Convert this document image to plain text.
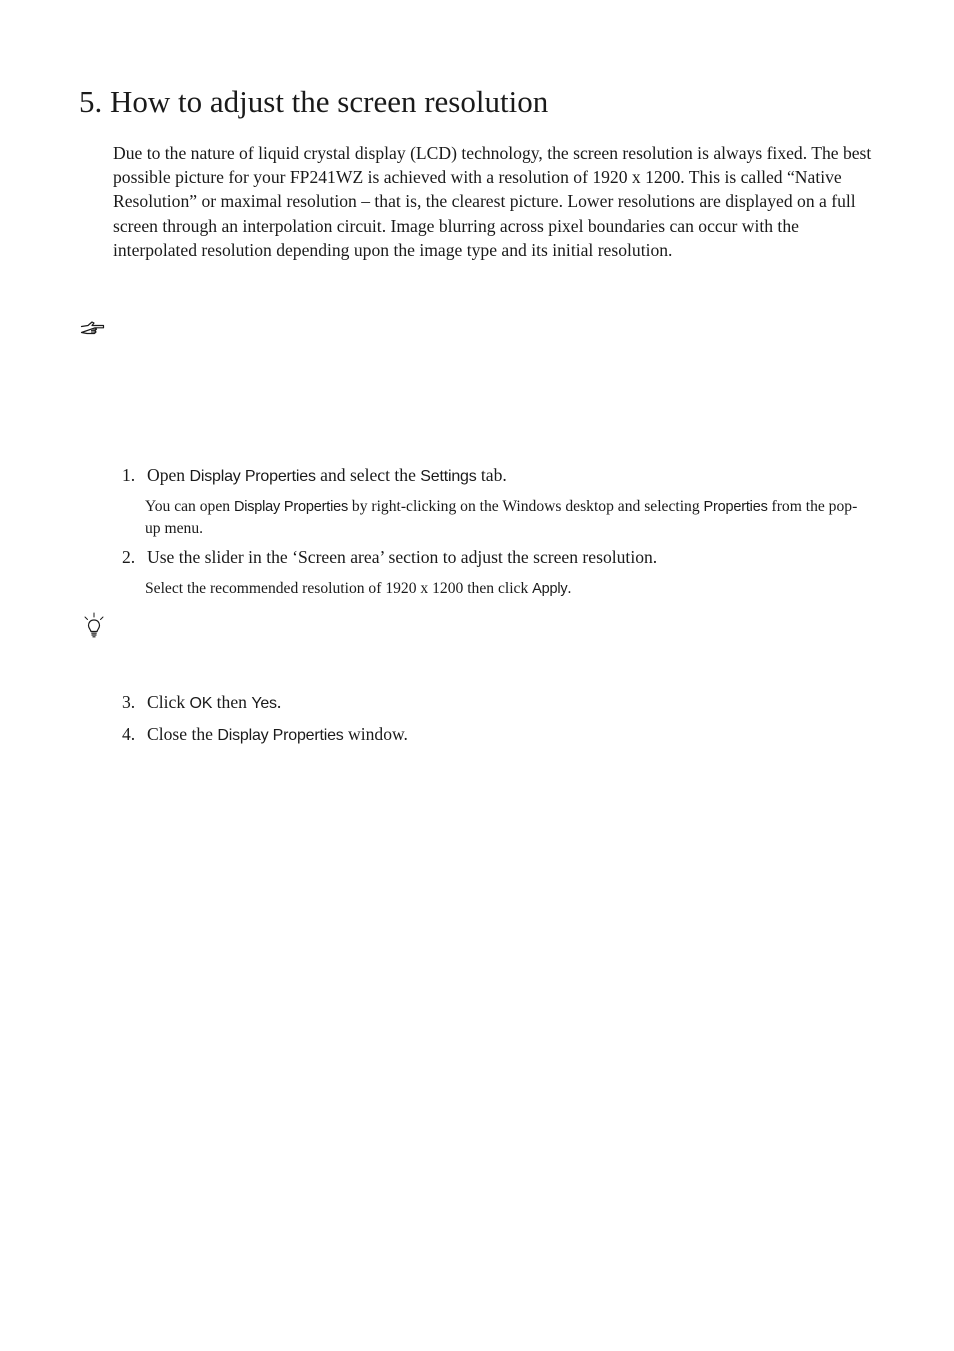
5. How to adjust the screen resolution

Due to the nature of liquid crystal display (LCD) technology, the screen resolution is always fixed. The best possible picture for your FP241WZ is achieved with a resolution of 1920 x 1200. This is called “Native Resolution” or maximal resolution – that is, the clearest picture. Lower resolutions are displayed on a full screen through an interpolation circuit. Image blurring across pixel boundaries can occur with the interpolated resolution depending upon the image type and its initial resolution.

1. Open Display Properties and select the Settings tab.
You can open Display Properties by right-clicking on the Windows desktop and selecting Properties from the pop-up menu.
2. Use the slider in the ‘Screen area’ section to adjust the screen resolution.
Select the recommended resolution of 1920 x 1200 then click Apply.
3. Click OK then Yes.
4. Close the Display Properties window.
